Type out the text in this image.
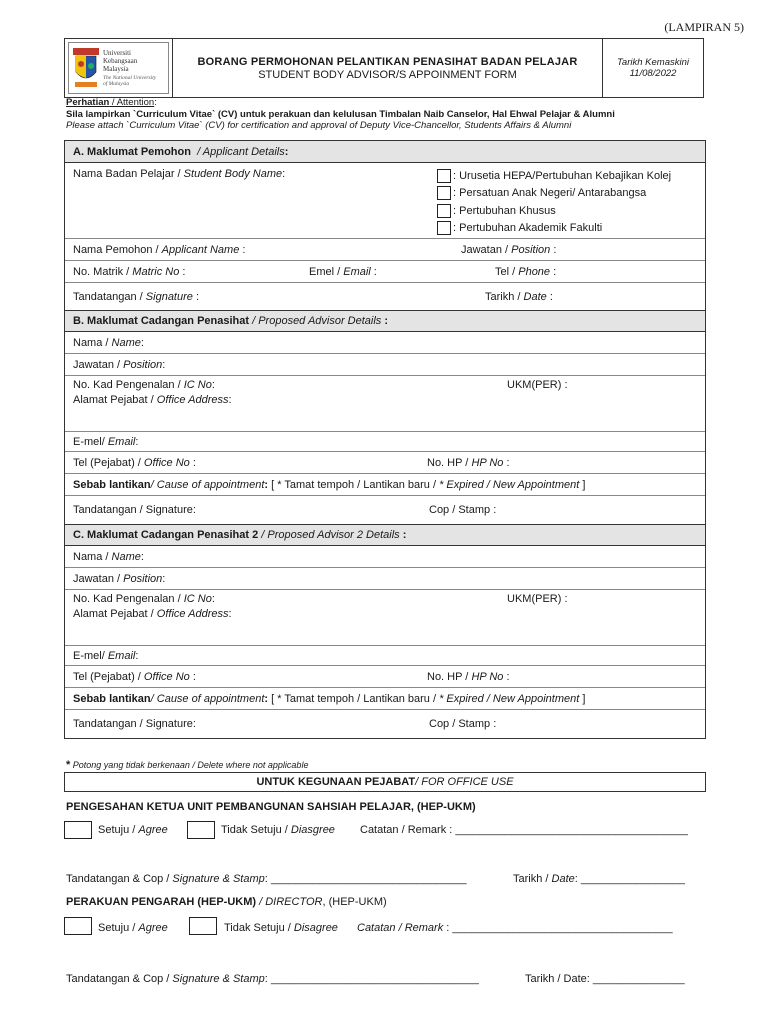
(LAMPIRAN 5)
Universiti
Kebangsaan
Malaysia
The National University
of Malaysia
BORANG PERMOHONAN PELANTIKAN PENASIHAT BADAN PELAJAR
STUDENT BODY ADVISOR/S APPOINMENT FORM
Tarikh Kemaskini
11/08/2022
Perhatian / Attention:
Sila lampirkan `Curriculum Vitae` (CV) untuk perakuan dan kelulusan Timbalan Naib Canselor, Hal Ehwal Pelajar & Alumni
Please attach `Curriculum Vitae` (CV) for certification and approval of Deputy Vice-Chancellor, Students Affairs & Alumni
A. Maklumat Pemohon / Applicant Details:
Nama Badan Pelajar / Student Body Name:	: Urusetia HEPA/Pertubuhan Kebajikan Kolej
: Persatuan Anak Negeri/ Antarabangsa
: Pertubuhan Khusus
: Pertubuhan Akademik Fakulti
Nama Pemohon / Applicant Name :	Jawatan / Position :
No. Matrik / Matric No :	Emel / Email :	Tel / Phone :
Tandatangan / Signature :	Tarikh / Date :
B. Maklumat Cadangan Penasihat / Proposed Advisor Details :
Nama / Name:
Jawatan / Position:
No. Kad Pengenalan / IC No:	UKM(PER) :
Alamat Pejabat / Office Address:
E-mel/ Email:
Tel (Pejabat) / Office No :	No. HP / HP No :
Sebab lantikan/ Cause of appointment: [ * Tamat tempoh / Lantikan baru / * Expired / New Appointment ]
Tandatangan / Signature:	Cop / Stamp :
C. Maklumat Cadangan Penasihat 2 / Proposed Advisor 2 Details :
Nama / Name:
Jawatan / Position:
No. Kad Pengenalan / IC No:	UKM(PER) :
Alamat Pejabat / Office Address:
E-mel/ Email:
Tel (Pejabat) / Office No :	No. HP / HP No :
Sebab lantikan/ Cause of appointment: [ * Tamat tempoh / Lantikan baru / * Expired / New Appointment ]
Tandatangan / Signature:	Cop / Stamp :
* Potong yang tidak berkenaan / Delete where not applicable
UNTUK KEGUNAAN PEJABAT / FOR OFFICE USE
PENGESAHAN KETUA UNIT PEMBANGUNAN SAHSIAH PELAJAR, (HEP-UKM)
Setuju / Agree	Tidak Setuju / Diasgree Catatan / Remark : ______________________________________
Tandatangan & Cop / Signature & Stamp: ________________________________	Tarikh / Date: _________________
PERAKUAN PENGARAH (HEP-UKM) / DIRECTOR, (HEP-UKM)
Setuju / Agree	Tidak Setuju / Disagree Catatan / Remark : ____________________________________
Tandatangan & Cop / Signature & Stamp: __________________________________	Tarikh / Date: _______________
